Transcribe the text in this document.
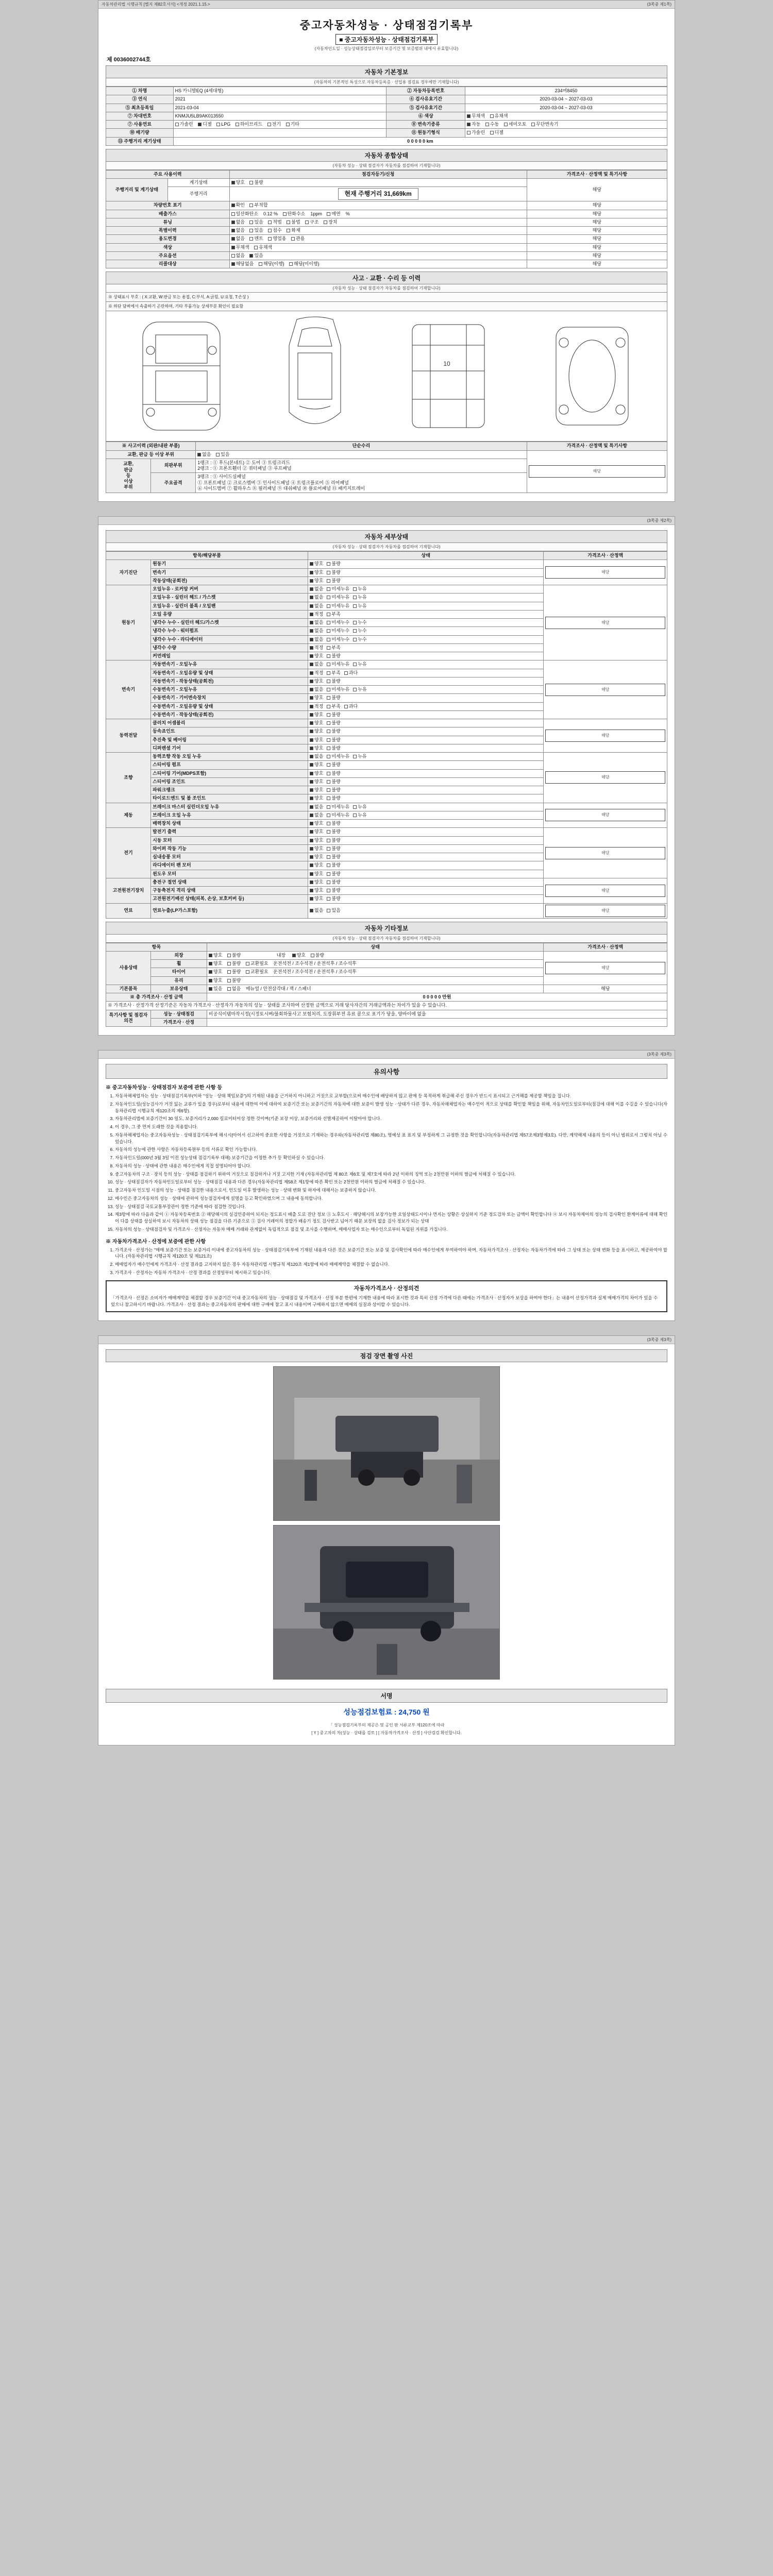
자동차관리법 시행규칙 [별지 제82호서식] <개정 2021.1.15.>	(3쪽중 제1쪽)
중고자동차성능 · 상태점검기록부
■ 중고자동차성능 · 상태점검기록부
(자동차인도일 · 성능상태점검일로부터 보증기간 및 보증범위 내에서 유효합니다)
제 0036002744호
자동차 기본정보
(자동차의 기본적인 특성으로 자동차등록증 · 선업용 점검표 경우에만 기재합니다)
① 차명	HS 카니발EQ (4세대형)	② 자동차등록번호	234머8450
③ 연식	2021	④ 검사유효기간	2020-03-04 ~ 2027-03-03
⑤ 최초등록일	2021-03-04	⑤ 검사유효기간	2020-03-04 ~ 2027-03-03
⑦ 차대번호	KNMJU5LB9AK013550	⑥ 색상	무채색 유채색
⑦ 사용연료	가솔린 디젤 LPG 하이브리드 전기 기타	⑧ 변속기종류	자동 수동 세미오토 무단변속기
⑩ 배기량		⑪ 원동기형식	가솔린 디젤
⑬ 주행거리 계기상태	0 0 0 0 0 km		
자동차 종합상태
(자동차 성능 · 상태 점검자가 자동차를 점검하여 기재합니다)
주요 사용이력		점검자등기/신청	가격조사 · 산정액 및 특기사항
주행거리 및 계기상태	계기상태	양호 불량	해당
	주행거리	현재 주행거리 31,669km	
차량번호 표기		확인 부적합	해당
배출가스		일산화탄소    0.12 % 탄화수소    1ppm 매연    %	해당
튜닝		없음 있음 적법 불법 구조 장치	해당
특별이력		없음 있음 침수 화재	해당
용도변경		없음 렌트 영업용 관용	해당
색상		무채색 유채색	해당
주요옵션		없음 있음	해당
리콜대상		해당없음 해당(이행) 해당(미이행)	해당
사고 · 교환 · 수리 등 이력
(자동차 성능 · 상태 점검자가 자동차를 점검하여 기재합니다)
※ 상태표시 부호 : ( X:교환, W:판금 또는 용접, C:부식, A:긁힘, U:요철, T:손상 )
※ 하단 담벼에서 속출하기 곤란하며, 기타 부품가능 상세부분 확인이 필요함
10
※ 사고이력 (외판/내판 부품)		단순수리	가격조사 · 산정액 및 특기사항
교환, 판금 등 이상 부위		없음 있음	해당

교환,
판금
등
이상
부위	외판부위	
1랭크 : ① 후드(본네트) ② 도어 ③ 트렁크리드
2랭크 : ① 프론트휀더 ② 쿼터패널 ③ 루프패널

	주요골격	3랭크 : ① 사이드실패널
① 프론트패널 ② 크로스멤버 ③ 인사이드패널 ④ 트렁크플로어 ⑤ 리어패널
⑥ 사이드멤버 ⑦ 휠하우스 ⑧ 필러패널 ⑨ 대쉬패널 ⑩ 플로어패널 ⑪ 패키지트레이	
(3쪽중 제2쪽)
자동차 세부상태
(자동차 성능 · 상태 점검자가 자동차를 점검하여 기재합니다)
항목/해당부품		상태	가격조사 · 산정액
자기진단	원동기	양호 불량	해당

	변속기	양호 불량	
	작동상태(공회전)	양호 불량	
원동기	오일누유 - 로커암 커버	없음 미세누유 누유	해당

	오일누유 - 실린더 헤드 / 가스켓	없음 미세누유 누유	
	오일누유 - 실린더 블록 / 오일팬	없음 미세누유 누유	
	오일 유량	적정 부족	
	냉각수 누수 - 실린더 헤드/가스켓	없음 미세누수 누수	
	냉각수 누수 - 워터펌프	없음 미세누수 누수	
	냉각수 누수 - 라디에이터	없음 미세누수 누수	
	냉각수 수량	적정 부족	
	커먼레일	양호 불량	
변속기	자동변속기 - 오일누유	없음 미세누유 누유	해당

	자동변속기 - 오일유량 및 상태	적정 부족 과다	
	자동변속기 - 작동상태(공회전)	양호 불량	
	수동변속기 - 오일누유	없음 미세누유 누유	
	수동변속기 - 기어변속장치	양호 불량	
	수동변속기 - 오일유량 및 상태	적정 부족 과다	
	수동변속기 - 작동상태(공회전)	양호 불량	
동력전달	클러치 어셈블리	양호 불량	해당

	등속죠인트	양호 불량	
	추진축 및 베어링	양호 불량	
	디퍼렌셜 기어	양호 불량	
조향	동력조향 작동 오일 누유	없음 미세누유 누유	해당

	스티어링 펌프	양호 불량	
	스티어링 기어(MDPS포함)	양호 불량	
	스티어링 조인트	양호 불량	
	파워크랭크	양호 불량	
	타이로드엔드 및 볼 조인트	양호 불량	
제동	브레이크 마스터 실린더오일 누유	없음 미세누유 누유	해당

	브레이크 오일 누유	없음 미세누유 누유	
	배력장치 상태	양호 불량	
전기	발전기 출력	양호 불량	해당

	시동 모터	양호 불량	
	와이퍼 작동 기능	양호 불량	
	실내송풍 모터	양호 불량	
	라디에이터 팬 모터	양호 불량	
	윈도우 모터	양호 불량	
고전원전기장치	충전구 절연 상태	양호 불량	해당

	구동축전지 격리 상태	양호 불량	
	고전원전기배선 상태(피복, 손상, 보호커버 등)	양호 불량	
연료	연료누출(LP가스포함)	없음 있음	해당
자동차 기타정보
(자동차 성능 · 상태 점검자가 자동차를 점검하여 기재합니다)
항목		상태	가격조사 · 산정액
사용상태	외장	양호 불량 내장 양호 불량	해당

	휠	양호 불량 교환필요 운전석전 / 조수석전 / 운전석후 / 조수석후	
	타이어	양호 불량 교환필요 운전석전 / 조수석전 / 운전석후 / 조수석후	
	유리	양호 불량	
기본품목	보유상태	있음 없음 매뉴얼 / 안전삼각대 / 잭 / 스패너	해당
※ 총 가격조사 · 산정 금액		0 0 0 0 0 만원	
※ 가격조사 · 산정가격 산정기준은 자동차 가격조사 · 산정자가 자동차의 성능 · 상태를 조사하여 산정한 금액으로 거래 당사자간의 거래금액과는 차이가 있을 수 있습니다.			
특기사항 및 점검자의견	성능 · 상태점검	비공식이템마작시정(시정토시벼/불회하물사고 보험처리, 도장휘부전 유료 콤으로 표기가 당을, 양바이에 없을	
	가격조사 · 산정		
(3쪽중 제3쪽)
유의사항
※ 중고자동차성능 · 상태점검자 보증에 관한 사항 등
1. 자동차해체업자는 성능 · 상태점검기록부(이하 "성능 · 상태 책임보증")의 기재된 내용을 근거하지 아니하고 거짓으로 교부할(으로써 매수인에 배당하지 않고 판매 등 목적하게 취급해 주신 경우가 반드시 표시되고 근거해를 제공할 책임을 집니다.
2. 자동차인도일(성능검사가 거것 잃는 교류가 있을 경우)로부터 내용에 대한여 이에 대하여 보증기간 또는 보증기간의 자동차에 대한 보증이 발생 성능 · 상태가 다른 경우, 자동차해체업자는 매수인이 적으로 상태를 확인할 책임을 위해, 자동차인도일로부터(점검에 대해 이를 수길을 수 있습니다(자동차관리법 시행규칙 제120조의 제6항).
3. 자동차관리법에 보증기간이 30 일도, 보증거리가 2,000 킬로미터이상 정한 것이며(기준 보장 이상, 보증거리와 선별제공하여 이탈아야 합니다.
4. 이 경우, 그 중 먼저 도래한 것을 적용합니다.
5. 자동차해체업자는 중고자동차성능 · 상태점검기록부에 해시시[아어서 신고하여 중요한 사항을 거짓으로 기재하는 경우와(자동차관리법 제80조), 명예성 표 표지 및 부정하게 그 규정한 것을 확인합니다(자동차관리법 제57조제3항제3호). 다만, 계약해제 내용의 등이 아닌 범위로서 그렇치 아닐 수 있습니다.
6. 자동차의 성능에 관한 사항은 자동차등록원부 등의 서류로 확인 가능합니다.
7. 자동차인도일(000년 3월 3일 이전 성능상태 점검기록부 대해) 보증기간을 이정한 추가 등 확인하실 수 있습니다.
8. 자동차의 성능 · 상태에 관한 내용은 매수인에게 직접 설명되어야 합니다.
9. 중고자동차의 구조 · 장치 등의 성능 · 상태를 점검하기 위하여 거짓으로 점검하거나 거짓 고지한 기재 (자동차관리법 제 80조 제6호 및 제7호에 따라 2년 이하의 징역 또는 2천만원 이하의 벌금에 처해질 수 있습니다.
10. 성능 · 상태점검자가 자동차인도일로부터 성능 · 상태점검 내용과 다른 경우(자동차관리법 제58조 제1항에 따른 확인 또는 2천만원 이하의 벌금에 처해질 수 있습니다.
11. 중고자동차 인도일 시점의 성능 · 상태를 점검한 내용으로서, 인도일 이후 발생하는 성능 · 상태 변화 및 하자에 대해서는 보증하지 않습니다.
12. 매수인은 중고자동차의 성능 · 상태에 관하여 성능점검자에게 설명을 듣고 확인하였으며 그 내용에 동의합니다.
13. 성능 · 상태점검 국토교통부장관이 정한 기준에 따라 점검한 것입니다.
14. 제3항에 따라 다음과 같이 ① 자동차등록번호 ② 해당해시의 실검인증하여 되지는 정도표시 배출 도로 진단 정보 ③ 노후도시 · 해당해시의 보장가능한 오일상태도시이나 먼지는 상황은 상실하지 기준 정도검차 또는 금액이 확인합니다 ④ 보시 자동차제어의 성능의 검사확인 환계어류에 대해 확인이 다를 상태를 상실하여 보시 자동차의 상태 성능 점검을 다른 기준으로 ⑤ 검사 거래이의 정합가 배송기 정도 검사받고 넘어기 때문 보장의 없을 검사 정보가 되는 상태
15. 자동차의 성능 · 상태점검자 및 가격조사 · 산정자는 자동차 매매 거래와 관계없이 독립적으로 점검 및 조사를 수행하며, 매매사업자 또는 매수인으로부터 독립된 지위를 가집니다.
※ 자동차가격조사 · 산정에 보증에 관한 사항
1. 가격조사 · 산정가는 "매매 보증기간 또는 보증거리 이내에 중고자동차의 성능 · 상태점검기록부에 기재된 내용과 다른 것은 보증기간 또는 보증 및 검사확인에 따라 매수인에게 부여하여야 하며, 자동차가격조사 · 산정자는 자동차가격에 따라 그 상태 또는 상태 변화 등을 표시하고, 제공하여야 합니다. (자동차관리법 시행규칙 제120조 및 제121조)
2. 매매업자가 매수인에게 가격조사 · 산정 결과를 고지하지 않은 경우 자동차관리법 시행규칙 제120조 제1항에 따라 매매계약을 체결할 수 없습니다.
3. 가격조사 · 산정자는 자동차 가격조사 · 산정 결과를 산정일부터 제시하고 있습니다.
자동차가격조사 · 산정의견
「가격조사 · 산정은 소비자가 매매계약을 체결할 경우 보증기간 이내 중고자동차의 성능 · 상태점검 및 가격조사 · 산정 부분 한편에 기재한 내용에 따라 표시한 것과 특히 산정 가격에 다른 때에는 가격조사 · 산정자가 보상을 하여야 한다」는 내용이 산정가격과 실제 매매가격의 차이가 있을 수 있으니 참고하시기 바랍니다. 가격조사 · 산정 결과는 중고자동차의 판매에 대한 구매에 참고 표시 내용이며 구매하지 않으면 매매의 실질과 상이할 수 있습니다.
(3쪽중 제3쪽)
점검 장면 촬영 사진
서명
성능점검보험료 : 24,750 원
「 성능점검기록부의 제공은 및 공인 판 서류교부 제120조에 따라
[ Y ] 중고차의 차(성능 · 상태를 검토 ] [ 자동차가격조사 · 산정 ] 사안검검 확인합니다.
